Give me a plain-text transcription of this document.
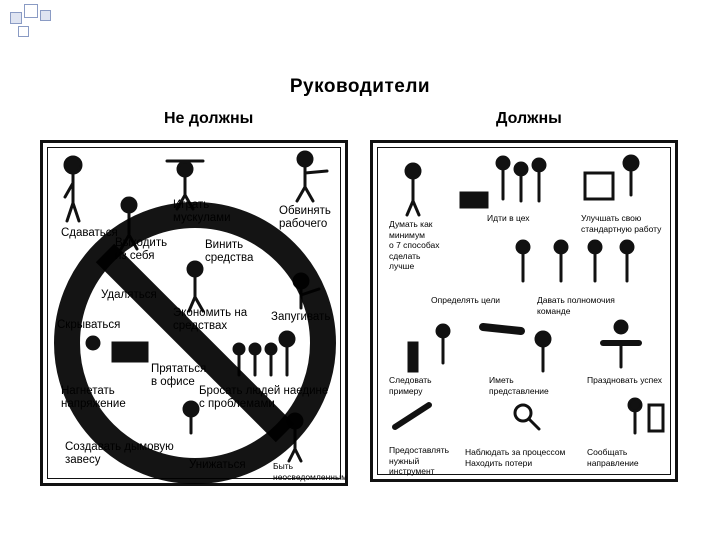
Руководители
Не должны	Должны
Играть
мускулами
Обвинять
рабочего
Сдаваться
Выходить
из себя
Винить
средства
Удаляться
Скрываться
Экономить на
средствах
Запугивать
Прятаться
в офисе
Нагнетать
напряжение
Бросать людей наедине
с проблемами
Создавать дымовую
завесу	Унижаться	Быть
неосведомленным
Думать как
минимум
о 7 способах
сделать
лучше
Идти в цех	Улучшать свою
стандартную работу
Определять цели	Давать полномочия
команде
Следовать
примеру
Иметь
представление
Праздновать успех
Предоставлять
нужный
инструмент
Наблюдать за процессом
Находить потери
Сообщать
направление
